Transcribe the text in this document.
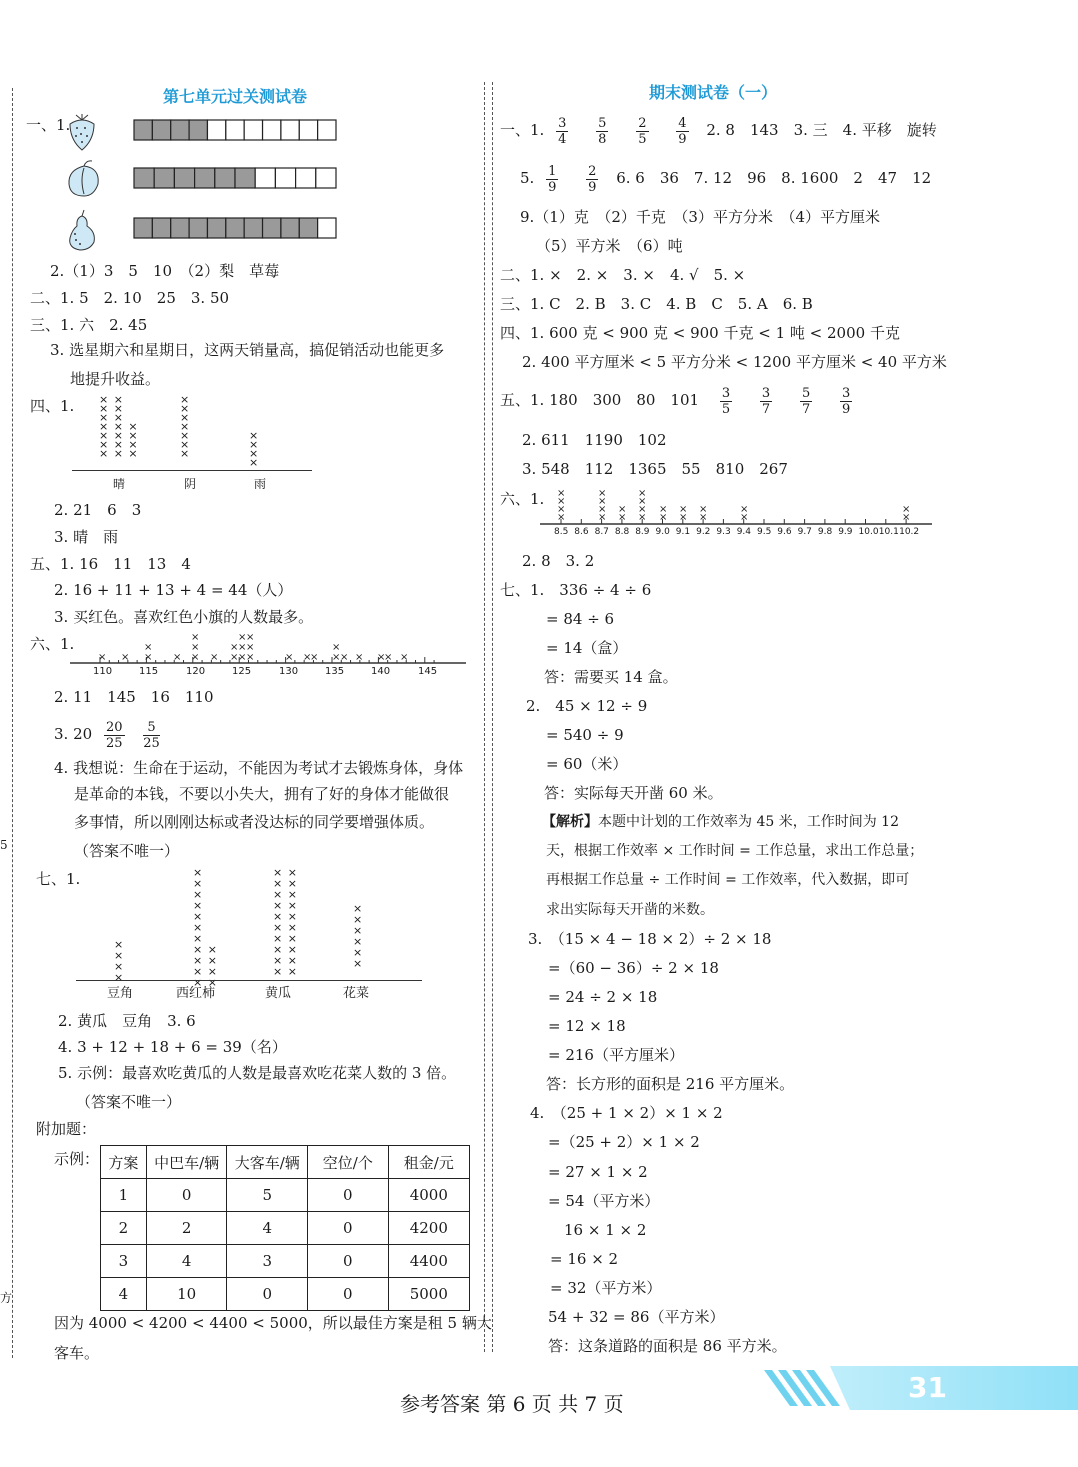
5
方
第七单元过关测试卷
一、1.
2.（1）3　5　10　（2）梨　草莓
二、1. 5　2. 10　25　3. 50
三、1. 六　2. 45
3. 选星期六和星期日，这两天销量高，搞促销活动也能更多
地提升收益。
四、1. × ×
× ×
× ×
× × ×
× × ×
× × ×
× × ×
×
×
×
×
×
×
×
×
×
×
×
晴	阴	雨
2. 21　6　3
3. 晴　雨
五、1. 16　11　13　4
2. 16 + 11 + 13 + 4 = 44（人）
3. 买红色。喜欢红色小旗的人数最多。
六、1.
× × ×
×
× ×
×
×
× ×
×
×
×
×
×
×
×
× ×
× ×
×
× × ×
× ×
110	115	120	125	130	135	140	145
2. 11　145　16　110
3. $20 \frac{20}{25}$
$\frac{5}{25}$
4. 我想说：生命在于运动，不能因为考试才去锻炼身体，身体
是革命的本钱，不要以小失大，拥有了好的身体才能做很
多事情，所以刚刚达标或者没达标的同学要增强体质。
（答案不唯一）
七、1.
×
×
×
×
×
×
×
×
×
×
×
× ×
× ×
× ×
× ×
× ×
× ×
× ×
× ×
× ×
× ×
× ×
× ×
× ×
× ×
×
×
×
×
×
×
豆角	西红柿	黄瓜	花菜
2. 黄瓜　豆角　3. 6
4. 3 + 12 + 18 + 6 = 39（名）
5. 示例：最喜欢吃黄瓜的人数是最喜欢吃花菜人数的 3 倍。
（答案不唯一）
附加题：
示例： 方案	中巴车/辆	大客车/辆	空位/个	租金/元
1	0	5	0	4000
2	2	4	0	4200
3	4	3	0	4400
4	10	0	0	5000
因为 4000 < 4200 < 4400 < 5000，所以最佳方案是租 5 辆大
客车。
期末测试卷（一）
一、1. $\frac{3}{4}$
$\frac{5}{8}$
$\frac{2}{5}$
$\frac{4}{9} 2$. 8　143　3. 三　4. 平移　旋转
5. $\frac{1}{9}$
$\frac{2}{9} 6$. 6　36　7. 12　96　8. 1600　2　47　12
9.（1）克　（2）千克　（3）平方分米　（4）平方厘米
（5）平方米　（6）吨
二、1. ×　2. ×　3. ×　4. √　5. ×
三、1. C　2. B　3. C　4. B　C　5. A　6. B
四、1. 600 克 < 900 克 < 900 千克 < 1 吨 < 2000 千克
2. 400 平方厘米 < 5 平方分米 < 1200 平方厘米 < 40 平方米
五、1. 180　300　80　$101 \frac{3}{5}$
$\frac{3}{7}$
$\frac{5}{7}$
$\frac{3}{9}$
2. 611　1190　102
3. 548　112　1365　55　810　267
六、1.
×
×
×
×
×
×
×
×
×
×
×
×
×
×
×
×
×
×
×
×
×
×
×
×
8.5 8.6 8.7 8.8 8.9 9.0 9.1 9.2 9.3 9.4 9.5 9.6 9.7 9.8 9.9 10.0 10.1 10.2
2. 8　3. 2
七、1.　336 ÷ 4 ÷ 6
= 84 ÷ 6
= 14（盒）
答：需要买 14 盒。
2.　45 × 12 ÷ 9
= 540 ÷ 9
= 60（米）
答：实际每天开凿 60 米。
【解析】本题中计划的工作效率为 45 米，工作时间为 12
天，根据工作效率 × 工作时间 = 工作总量，求出工作总量；
再根据工作总量 ÷ 工作时间 = 工作效率，代入数据，即可
求出实际每天开凿的米数。
3.　（15 × 4 − 18 × 2）÷ 2 × 18
=（60 − 36）÷ 2 × 18
= 24 ÷ 2 × 18
= 12 × 18
= 216（平方厘米）
答：长方形的面积是 216 平方厘米。
4.　（25 + 1 × 2）× 1 × 2
=（25 + 2）× 1 × 2
= 27 × 1 × 2
= 54（平方米）
16 × 1 × 2
= 16 × 2
= 32（平方米）
54 + 32 = 86（平方米）
答：这条道路的面积是 86 平方米。
参考答案 第 6 页 共 7 页	31
